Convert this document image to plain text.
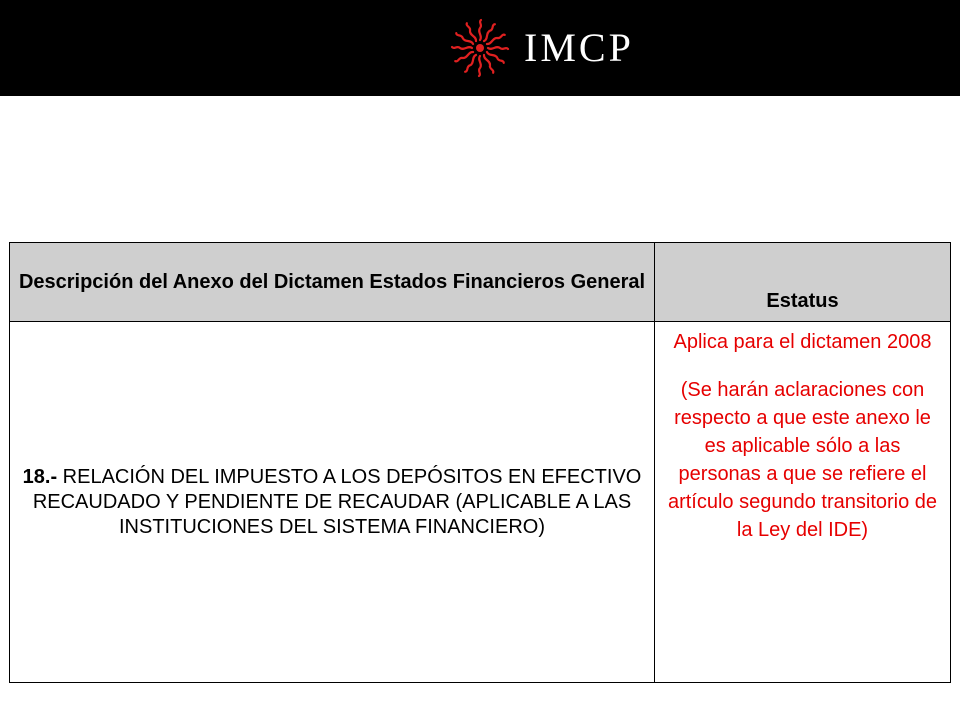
IMCP
Descripción del Anexo del Dictamen Estados Financieros General	Estatus
18.- RELACIÓN DEL IMPUESTO A LOS DEPÓSITOS EN EFECTIVO RECAUDADO Y PENDIENTE DE RECAUDAR (APLICABLE A LAS INSTITUCIONES DEL SISTEMA FINANCIERO)	Aplica para el dictamen 2008

(Se harán aclaraciones con respecto a que este anexo le es aplicable sólo a las personas a que se refiere el artículo segundo transitorio de la Ley del IDE)
